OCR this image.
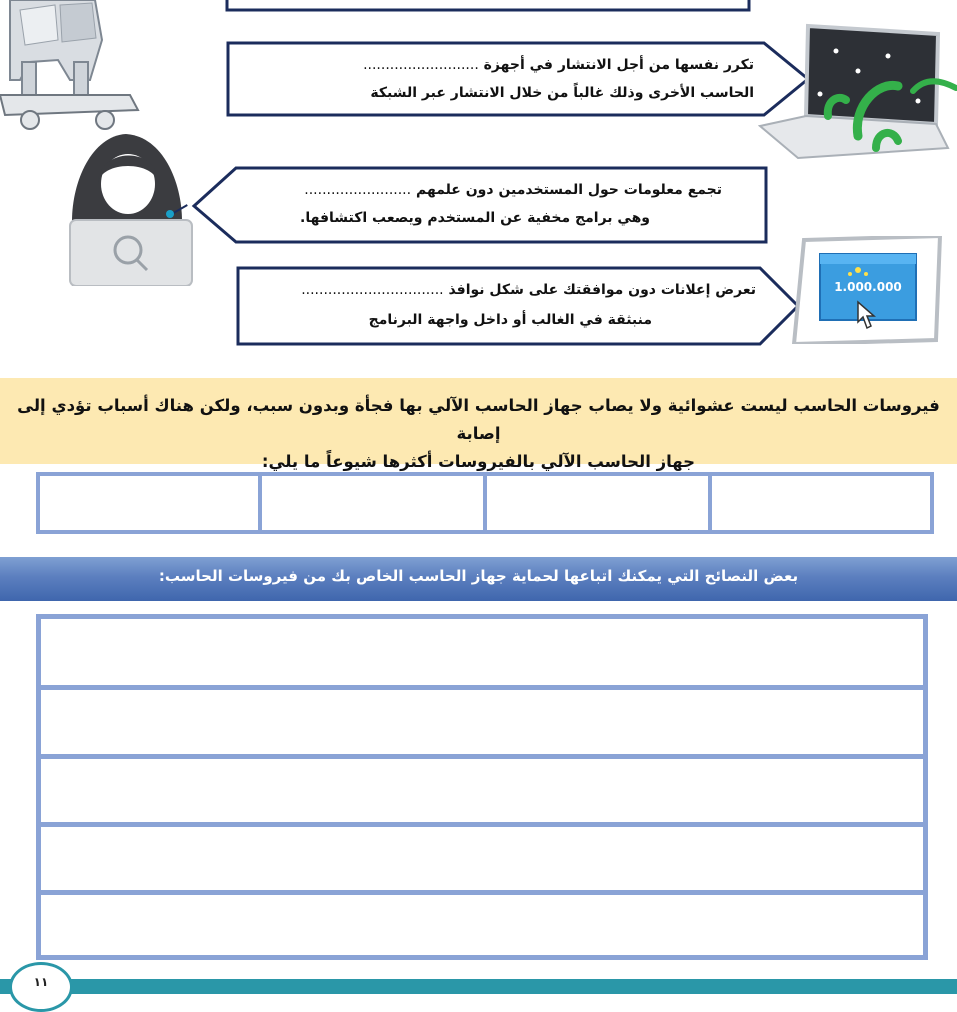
تكرر نفسها من أجل الانتشار في أجهزة ..........................
الحاسب الأخرى وذلك غالباً من خلال الانتشار عبر الشبكة
تجمع معلومات حول المستخدمين دون علمهم ........................
وهي برامج مخفية عن المستخدم ويصعب اكتشافها.
تعرض إعلانات دون موافقتك على شكل نوافذ ................................
منبثقة في الغالب أو داخل واجهة البرنامج
1.000.000
فيروسات الحاسب ليست عشوائية ولا يصاب جهاز الحاسب الآلي بها فجأة وبدون سبب، ولكن هناك أسباب تؤدي إلى إصابة
جهاز الحاسب الآلي بالفيروسات أكثرها شيوعاً ما يلي:
بعض النصائح التي يمكنك اتباعها لحماية جهاز الحاسب الخاص بك من فيروسات الحاسب:
١١
